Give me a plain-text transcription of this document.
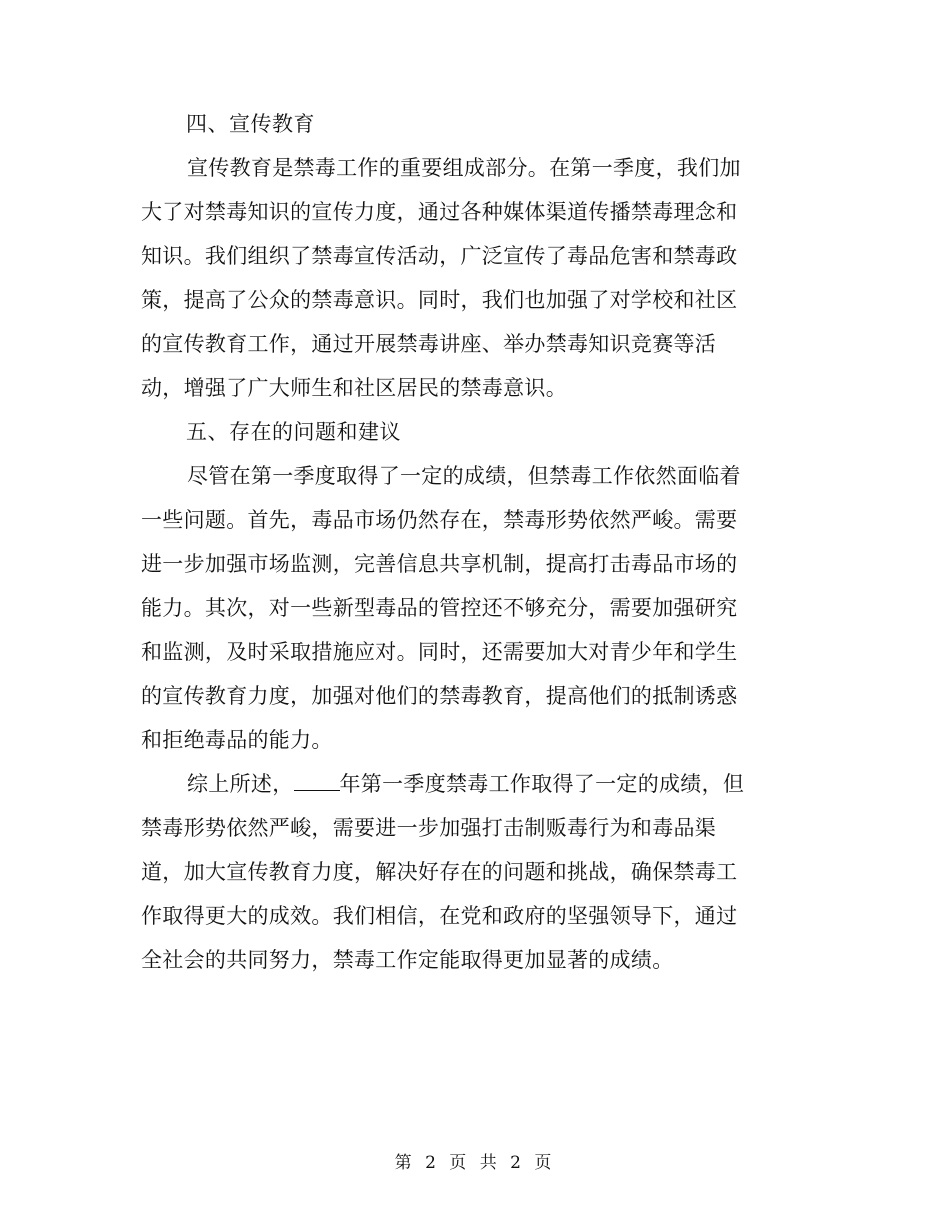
四、宣传教育

宣传教育是禁毒工作的重要组成部分。在第一季度，我们加
大了对禁毒知识的宣传力度，通过各种媒体渠道传播禁毒理念和
知识。我们组织了禁毒宣传活动，广泛宣传了毒品危害和禁毒政
策，提高了公众的禁毒意识。同时，我们也加强了对学校和社区
的宣传教育工作，通过开展禁毒讲座、举办禁毒知识竞赛等活
动，增强了广大师生和社区居民的禁毒意识。

五、存在的问题和建议

尽管在第一季度取得了一定的成绩，但禁毒工作依然面临着
一些问题。首先，毒品市场仍然存在，禁毒形势依然严峻。需要
进一步加强市场监测，完善信息共享机制，提高打击毒品市场的
能力。其次，对一些新型毒品的管控还不够充分，需要加强研究
和监测，及时采取措施应对。同时，还需要加大对青少年和学生
的宣传教育力度，加强对他们的禁毒教育，提高他们的抵制诱惑
和拒绝毒品的能力。

综上所述， 年第一季度禁毒工作取得了一定的成绩，但
禁毒形势依然严峻，需要进一步加强打击制贩毒行为和毒品渠
道，加大宣传教育力度，解决好存在的问题和挑战，确保禁毒工
作取得更大的成效。我们相信，在党和政府的坚强领导下，通过
全社会的共同努力，禁毒工作定能取得更加显著的成绩。

第 2 页 共 2 页
